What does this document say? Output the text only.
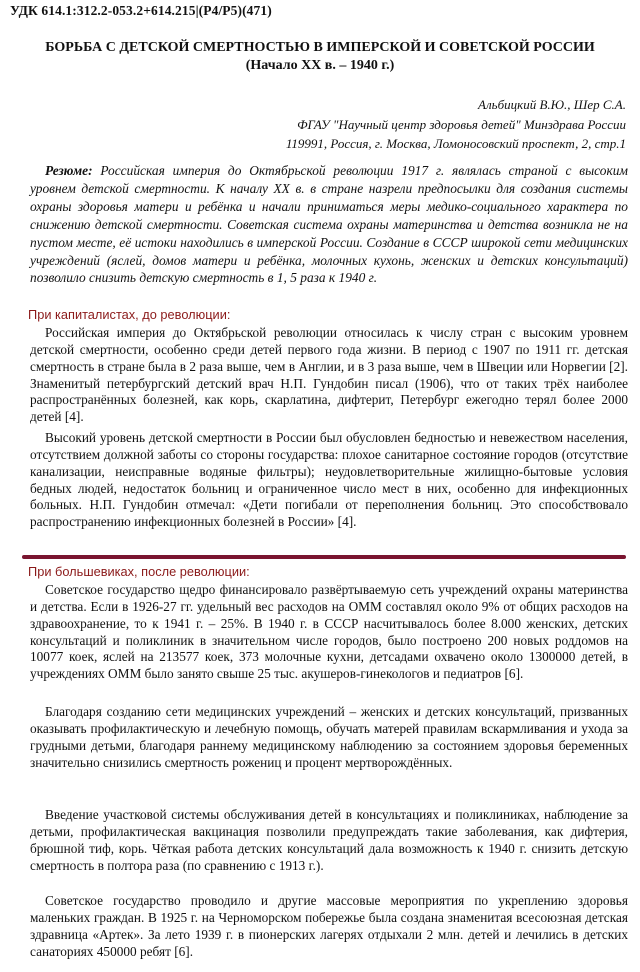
УДК 614.1:312.2-053.2+614.215|(Р4/Р5)(471)
БОРЬБА С ДЕТСКОЙ СМЕРТНОСТЬЮ В ИМПЕРСКОЙ И СОВЕТСКОЙ РОССИИ (Начало ХХ в. – 1940 г.)
Альбицкий В.Ю., Шер С.А.
ФГАУ "Научный центр здоровья детей" Минздрава России
119991, Россия, г. Москва, Ломоносовский проспект, 2, стр.1

Резюме: Российская империя до Октябрьской революции 1917 г. являлась страной с высоким уровнем детской смертности. К началу ХХ в. в стране назрели предпосылки для создания системы охраны здоровья матери и ребёнка и начали приниматься меры медико-социального характера по снижению детской смертности. Советская система охраны материнства и детства возникла не на пустом месте, её истоки находились в имперской России. Создание в СССР широкой сети медицинских учреждений (яслей, домов матери и ребёнка, молочных кухонь, женских и детских консультаций) позволило снизить детскую смертность в 1, 5 раза к 1940 г.

При капиталистах, до революции:

Российская империя до Октябрьской революции относилась к числу стран с высоким уровнем детской смертности, особенно среди детей первого года жизни. В период с 1907 по 1911 гг. детская смертность в стране была в 2 раза выше, чем в Англии, и в 3 раза выше, чем в Швеции или Норвегии [2]. Знаменитый петербургский детский врач Н.П. Гундобин писал (1906), что от таких трёх наиболее распространённых болезней, как корь, скарлатина, дифтерит, Петербург ежегодно терял более 2000 детей [4].

Высокий уровень детской смертности в России был обусловлен бедностью и невежеством населения, отсутствием должной заботы со стороны государства: плохое санитарное состояние городов (отсутствие канализации, неисправные водяные фильтры); неудовлетворительные жилищно-бытовые условия бедных людей, недостаток больниц и ограниченное число мест в них, особенно для инфекционных больных. Н.П. Гундобин отмечал: «Дети погибали от переполнения больниц. Это способствовало распространению инфекционных болезней в России» [4].

При большевиках, после революции:

Советское государство щедро финансировало развёртываемую сеть учреждений охраны материнства и детства. Если в 1926-27 гг. удельный вес расходов на ОММ составлял около 9% от общих расходов на здравоохранение, то к 1941 г. – 25%. В 1940 г. в СССР насчитывалось более 8.000 женских, детских консультаций и поликлиник в значительном числе городов, было построено 200 новых роддомов на 10077 коек, яслей на 213577 коек, 373 молочные кухни, детсадами охвачено около 1300000 детей, в учреждениях ОММ было занято свыше 25 тыс. акушеров-гинекологов и педиатров [6].

Благодаря созданию сети медицинских учреждений – женских и детских консультаций, призванных оказывать профилактическую и лечебную помощь, обучать матерей правилам вскармливания и ухода за грудными детьми, благодаря раннему медицинскому наблюдению за состоянием здоровья беременных значительно снизились смертность рожениц и процент мертворождённых.

Введение участковой системы обслуживания детей в консультациях и поликлиниках, наблюдение за детьми, профилактическая вакцинация позволили предупреждать такие заболевания, как дифтерия, брюшной тиф, корь. Чёткая работа детских консультаций дала возможность к 1940 г. снизить детскую смертность в полтора раза (по сравнению с 1913 г.).

Советское государство проводило и другие массовые мероприятия по укреплению здоровья маленьких граждан. В 1925 г. на Черноморском побережье была создана знаменитая всесоюзная детская здравница «Артек». За лето 1939 г. в пионерских лагерях отдыхали 2 млн. детей и лечились в детских санаториях 450000 ребят [6].
